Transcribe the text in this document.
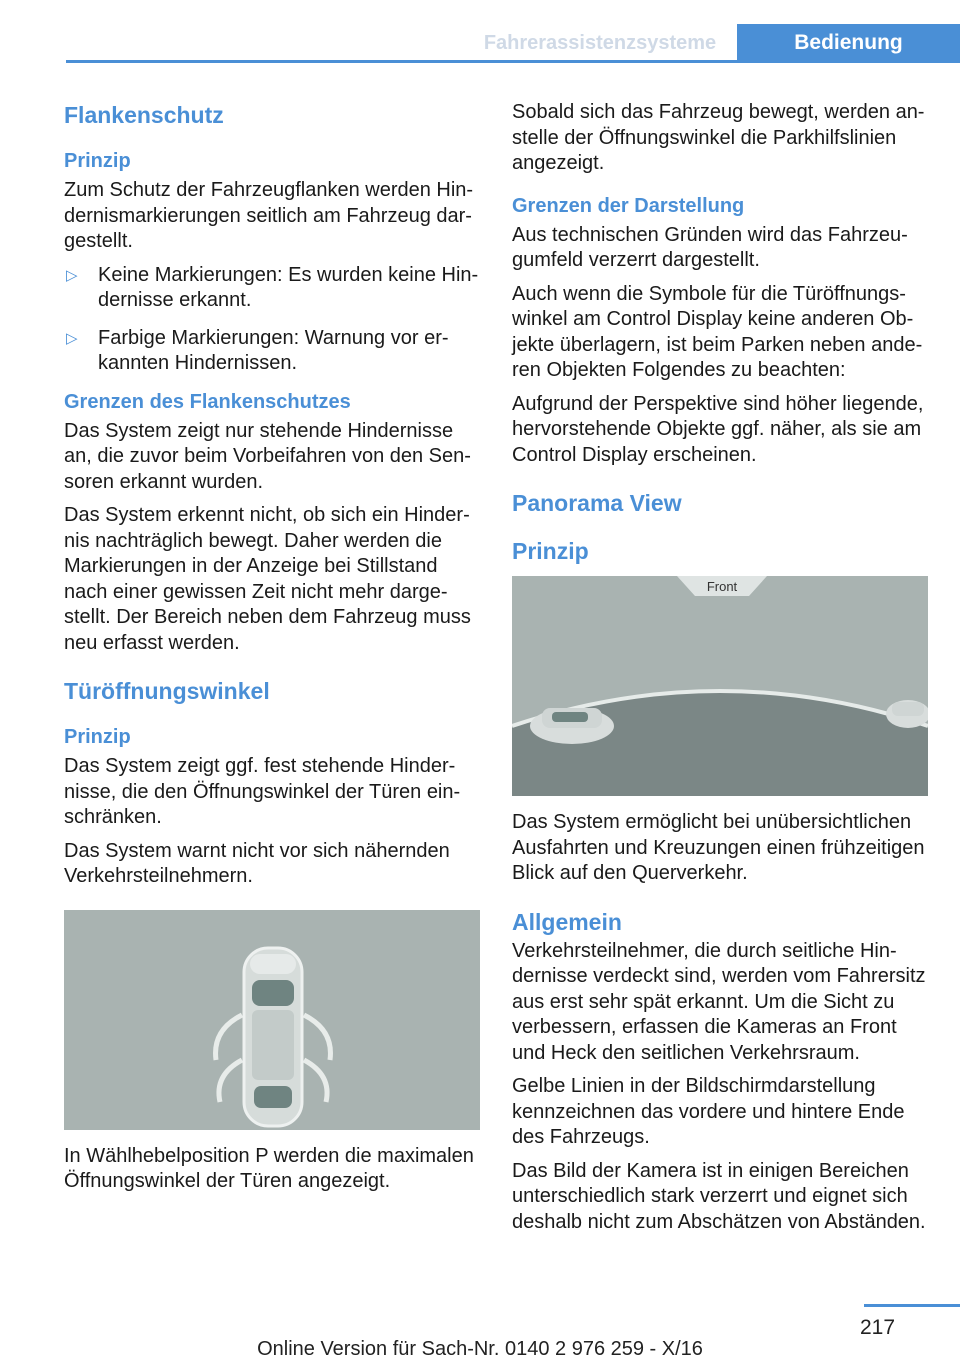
Fahrerassistenzsysteme	Bedienung
Flankenschutz
Prinzip

Zum Schutz der Fahrzeugflanken werden Hin-dernismarkierungen seitlich am Fahrzeug dar-gestellt.

▷ Keine Markierungen: Es wurden keine Hin-dernisse erkannt.
▷ Farbige Markierungen: Warnung vor er-kannten Hindernissen.
Grenzen des Flankenschutzes

Das System zeigt nur stehende Hindernisse an, die zuvor beim Vorbeifahren von den Sen-soren erkannt wurden.

Das System erkennt nicht, ob sich ein Hinder-nis nachträglich bewegt. Daher werden die Markierungen in der Anzeige bei Stillstand nach einer gewissen Zeit nicht mehr darge-stellt. Der Bereich neben dem Fahrzeug muss neu erfasst werden.

Türöffnungswinkel
Prinzip

Das System zeigt ggf. fest stehende Hinder-nisse, die den Öffnungswinkel der Türen ein-schränken.

Das System warnt nicht vor sich nähernden Verkehrsteilnehmern.

In Wählhebelposition P werden die maximalen Öffnungswinkel der Türen angezeigt.

Sobald sich das Fahrzeug bewegt, werden an-stelle der Öffnungswinkel die Parkhilfslinien angezeigt.

Grenzen der Darstellung

Aus technischen Gründen wird das Fahrzeu-gumfeld verzerrt dargestellt.

Auch wenn die Symbole für die Türöffnungs-winkel am Control Display keine anderen Ob-jekte überlagern, ist beim Parken neben ande-ren Objekten Folgendes zu beachten:

Aufgrund der Perspektive sind höher liegende, hervorstehende Objekte ggf. näher, als sie am Control Display erscheinen.

Panorama View
Prinzip
Front

Das System ermöglicht bei unübersichtlichen Ausfahrten und Kreuzungen einen frühzeitigen Blick auf den Querverkehr.

Allgemein

Verkehrsteilnehmer, die durch seitliche Hin-dernisse verdeckt sind, werden vom Fahrersitz aus erst sehr spät erkannt. Um die Sicht zu verbessern, erfassen die Kameras an Front und Heck den seitlichen Verkehrsraum.

Gelbe Linien in der Bildschirmdarstellung kennzeichnen das vordere und hintere Ende des Fahrzeugs.

Das Bild der Kamera ist in einigen Bereichen unterschiedlich stark verzerrt und eignet sich deshalb nicht zum Abschätzen von Abständen.

217
Online Version für Sach-Nr. 0140 2 976 259 - X/16
